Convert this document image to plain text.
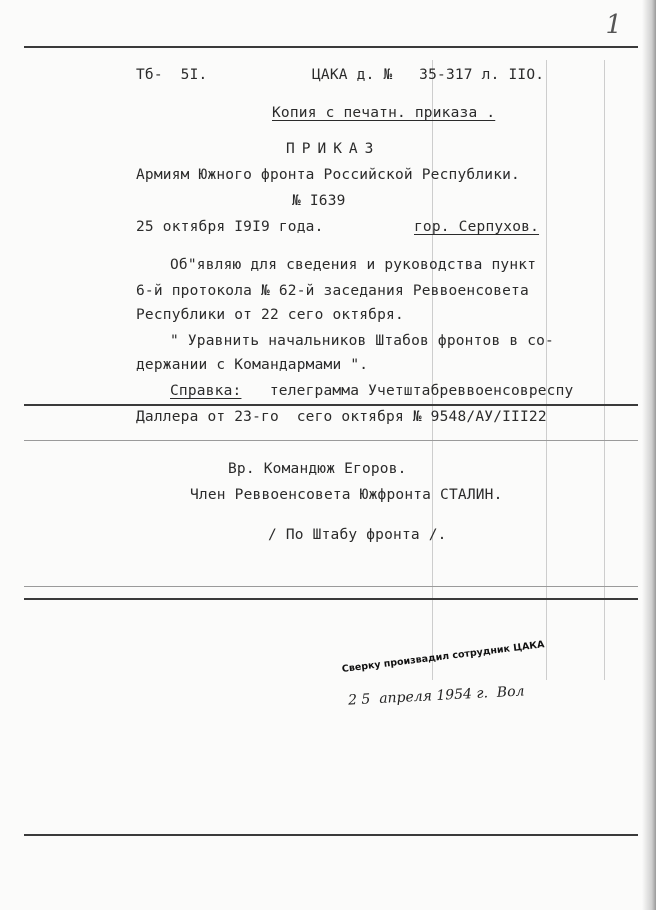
1
Тб-  5I.	ЦАКА д. №   35-317 л. IIO.
Копия с печатн. приказа .
ПРИКАЗ
Армиям Южного фронта Российской Республики.
№ I639
25 октября I9I9 года.	гор. Серпухов.
Об"являю для сведения и руководства пункт
6-й протокола № 62-й заседания Реввоенсовета
Республики от 22 сего октября.
" Уравнить начальников Штабов фронтов в со-
держании с Командармами ".
Справка: телеграмма Учетштабреввоенсовреспу
Даллера от 23-го  сего октября № 9548/АУ/III22
Вр. Командюж Егоров.
Член Реввоенсовета Южфронта СТАЛИН.
/ По Штабу фронта /.
Сверку произвадил сотрудник ЦАКА
2 5  апреля 1954 г.  Вол
